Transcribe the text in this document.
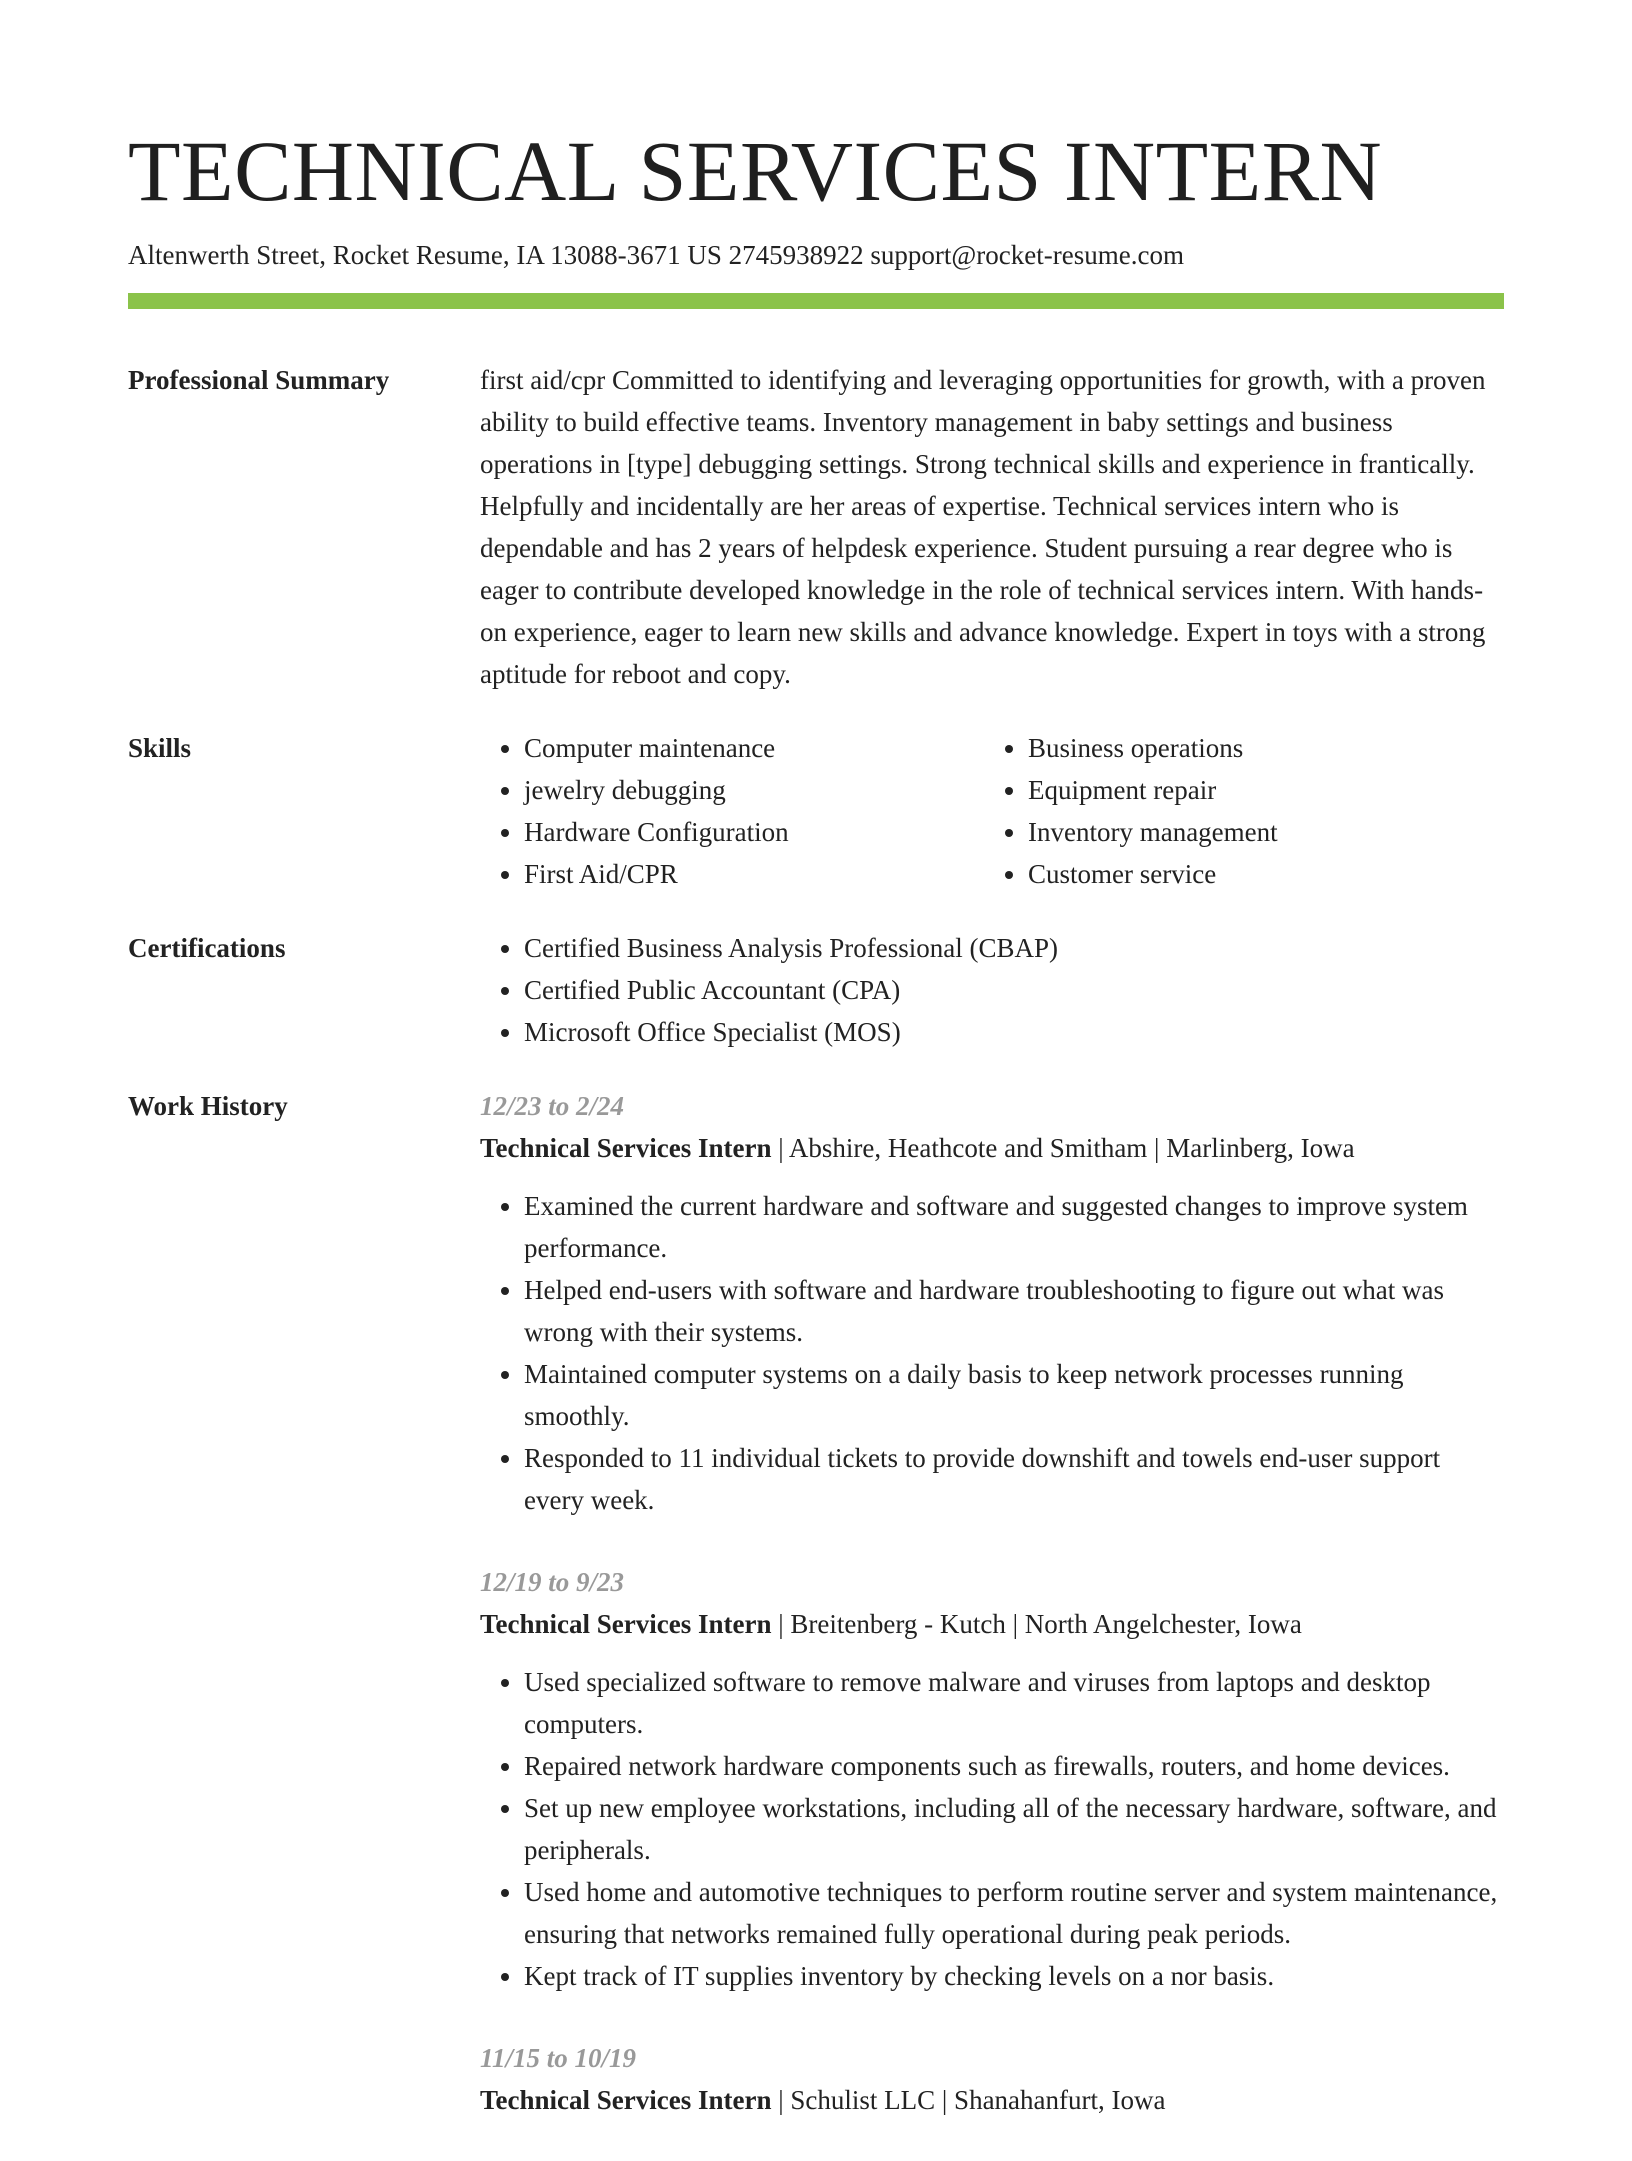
TECHNICAL SERVICES INTERN
Altenwerth Street, Rocket Resume, IA 13088-3671 US 2745938922 support@rocket-resume.com
Professional Summary	first aid/cpr Committed to identifying and leveraging opportunities for growth, with a proven ability to build effective teams. Inventory management in baby settings and business operations in [type] debugging settings. Strong technical skills and experience in frantically. Helpfully and incidentally are her areas of expertise. Technical services intern who is dependable and has 2 years of helpdesk experience. Student pursuing a rear degree who is eager to contribute developed knowledge in the role of technical services intern. With hands-on experience, eager to learn new skills and advance knowledge. Expert in toys with a strong aptitude for reboot and copy.
Skills	• Computer maintenance
• jewelry debugging
• Hardware Configuration
• First Aid/CPR
• Business operations
• Equipment repair
• Inventory management
• Customer service
Certifications	• Certified Business Analysis Professional (CBAP)
• Certified Public Accountant (CPA)
• Microsoft Office Specialist (MOS)
Work History	12/23 to 2/24
Technical Services Intern | Abshire, Heathcote and Smitham | Marlinberg, Iowa
• Examined the current hardware and software and suggested changes to improve system performance.
• Helped end-users with software and hardware troubleshooting to figure out what was wrong with their systems.
• Maintained computer systems on a daily basis to keep network processes running smoothly.
• Responded to 11 individual tickets to provide downshift and towels end-user support every week.
12/19 to 9/23
Technical Services Intern | Breitenberg - Kutch | North Angelchester, Iowa
• Used specialized software to remove malware and viruses from laptops and desktop computers.
• Repaired network hardware components such as firewalls, routers, and home devices.
• Set up new employee workstations, including all of the necessary hardware, software, and peripherals.
• Used home and automotive techniques to perform routine server and system maintenance, ensuring that networks remained fully operational during peak periods.
• Kept track of IT supplies inventory by checking levels on a nor basis.
11/15 to 10/19
Technical Services Intern | Schulist LLC | Shanahanfurt, Iowa
